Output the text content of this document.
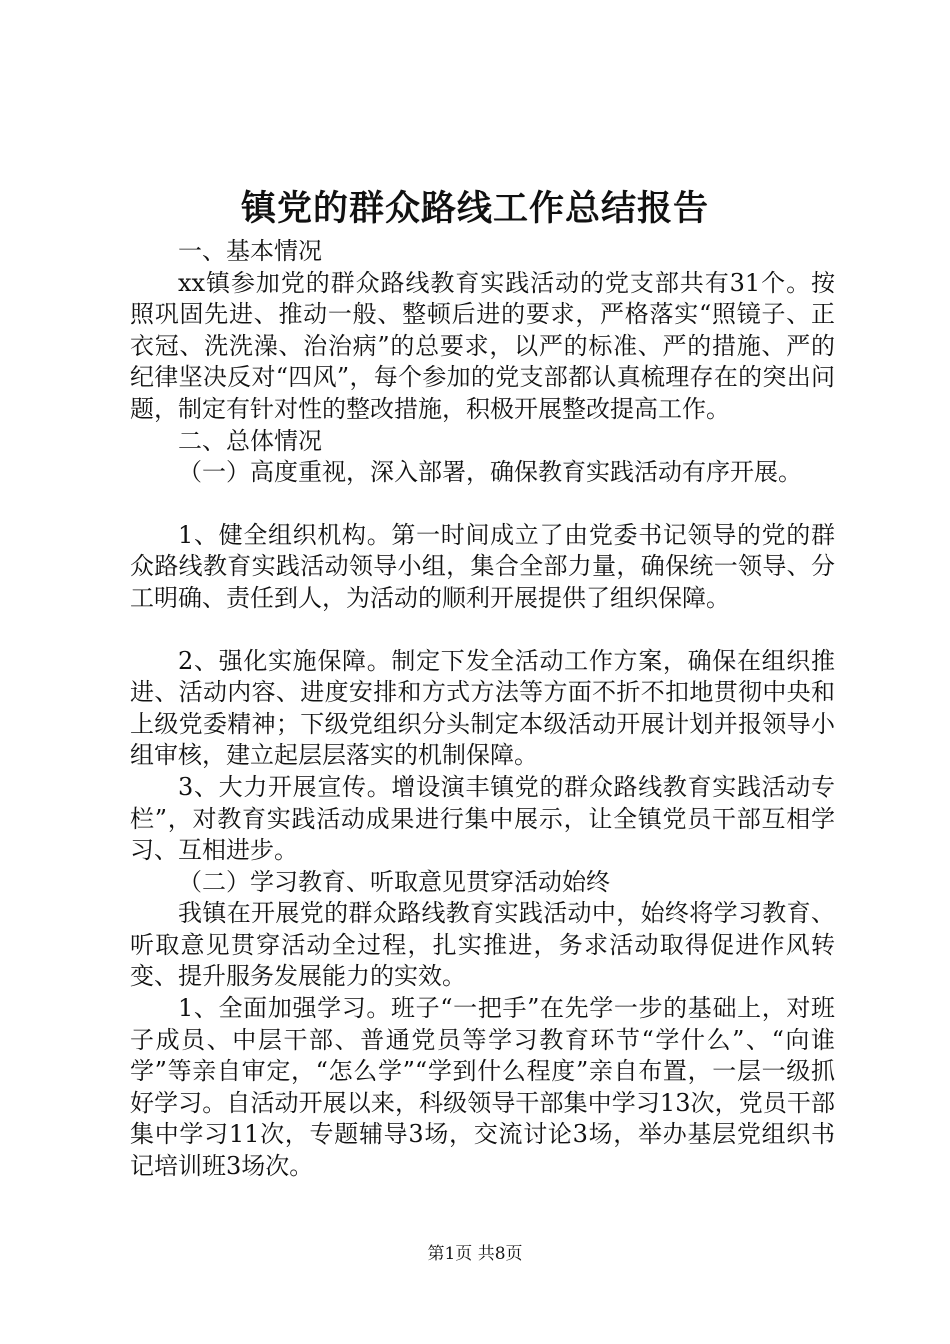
镇党的群众路线工作总结报告

一、基本情况

xx镇参加党的群众路线教育实践活动的党支部共有31个。按照巩固先进、推动一般、整顿后进的要求，严格落实“照镜子、正衣冠、洗洗澡、治治病”的总要求，以严的标准、严的措施、严的纪律坚决反对“四风”，每个参加的党支部都认真梳理存在的突出问题，制定有针对性的整改措施，积极开展整改提高工作。

二、总体情况

（一）高度重视，深入部署，确保教育实践活动有序开展。

1、健全组织机构。第一时间成立了由党委书记领导的党的群众路线教育实践活动领导小组，集合全部力量，确保统一领导、分工明确、责任到人，为活动的顺利开展提供了组织保障。

2、强化实施保障。制定下发全活动工作方案，确保在组织推进、活动内容、进度安排和方式方法等方面不折不扣地贯彻中央和上级党委精神；下级党组织分头制定本级活动开展计划并报领导小组审核，建立起层层落实的机制保障。

3、大力开展宣传。增设演丰镇党的群众路线教育实践活动专栏”，对教育实践活动成果进行集中展示，让全镇党员干部互相学习、互相进步。

（二）学习教育、听取意见贯穿活动始终

我镇在开展党的群众路线教育实践活动中，始终将学习教育、听取意见贯穿活动全过程，扎实推进，务求活动取得促进作风转变、提升服务发展能力的实效。

1、全面加强学习。班子“一把手”在先学一步的基础上，对班子成员、中层干部、普通党员等学习教育环节“学什么”、“向谁学”等亲自审定，“怎么学”“学到什么程度”亲自布置，一层一级抓好学习。自活动开展以来，科级领导干部集中学习13次，党员干部集中学习11次，专题辅导3场，交流讨论3场，举办基层党组织书记培训班3场次。

第1页 共8页
